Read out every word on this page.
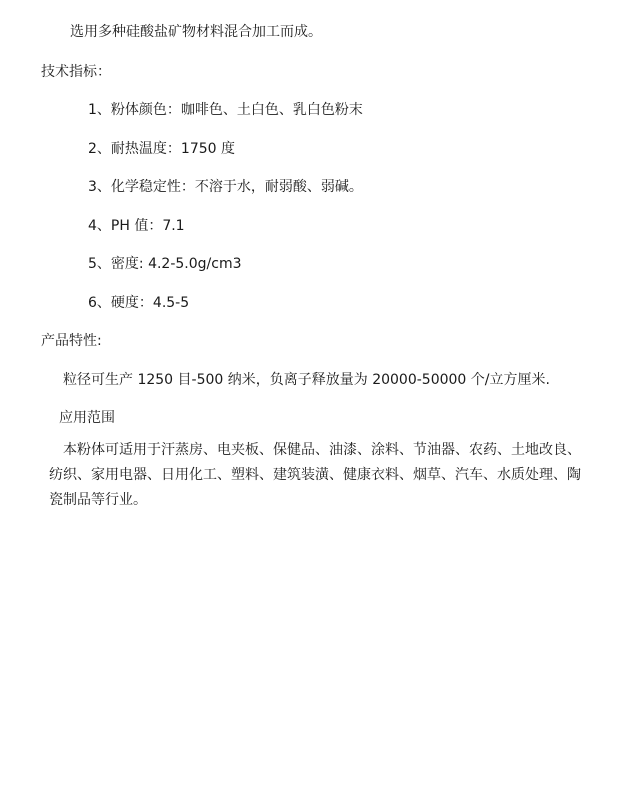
选用多种硅酸盐矿物材料混合加工而成。
技术指标：
1、粉体颜色：咖啡色、土白色、乳白色粉末
2、耐热温度：1750 度
3、化学稳定性：不溶于水，耐弱酸、弱碱。
4、PH 值：7.1
5、密度: 4.2-5.0g/cm3
6、硬度：4.5-5
产品特性:
粒径可生产 1250 目-500 纳米，负离子释放量为 20000-50000 个/立方厘米.
应用范围
本粉体可适用于汗蒸房、电夹板、保健品、油漆、涂料、节油器、农药、土地改良、纺织、家用电器、日用化工、塑料、建筑装潢、健康衣料、烟草、汽车、水质处理、陶瓷制品等行业。
